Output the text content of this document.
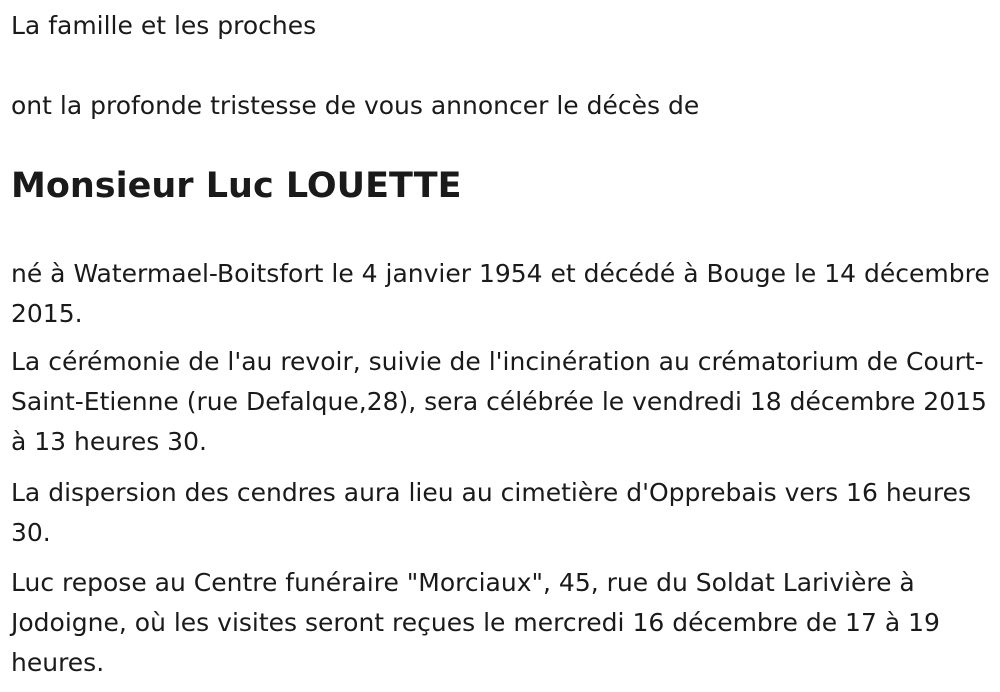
La famille et les proches

ont la profonde tristesse de vous annoncer le décès de

Monsieur Luc LOUETTE

né à Watermael-Boitsfort le 4 janvier 1954 et décédé à Bouge le 14 décembre 2015.

La cérémonie de l'au revoir, suivie de l'incinération au crématorium de Court-Saint-Etienne (rue Defalque,28), sera célébrée le vendredi 18 décembre 2015 à 13 heures 30.

La dispersion des cendres aura lieu au cimetière d'Opprebais vers 16 heures 30.

Luc repose au Centre funéraire "Morciaux", 45, rue du Soldat Larivière à Jodoigne, où les visites seront reçues le mercredi 16 décembre de 17 à 19 heures.
